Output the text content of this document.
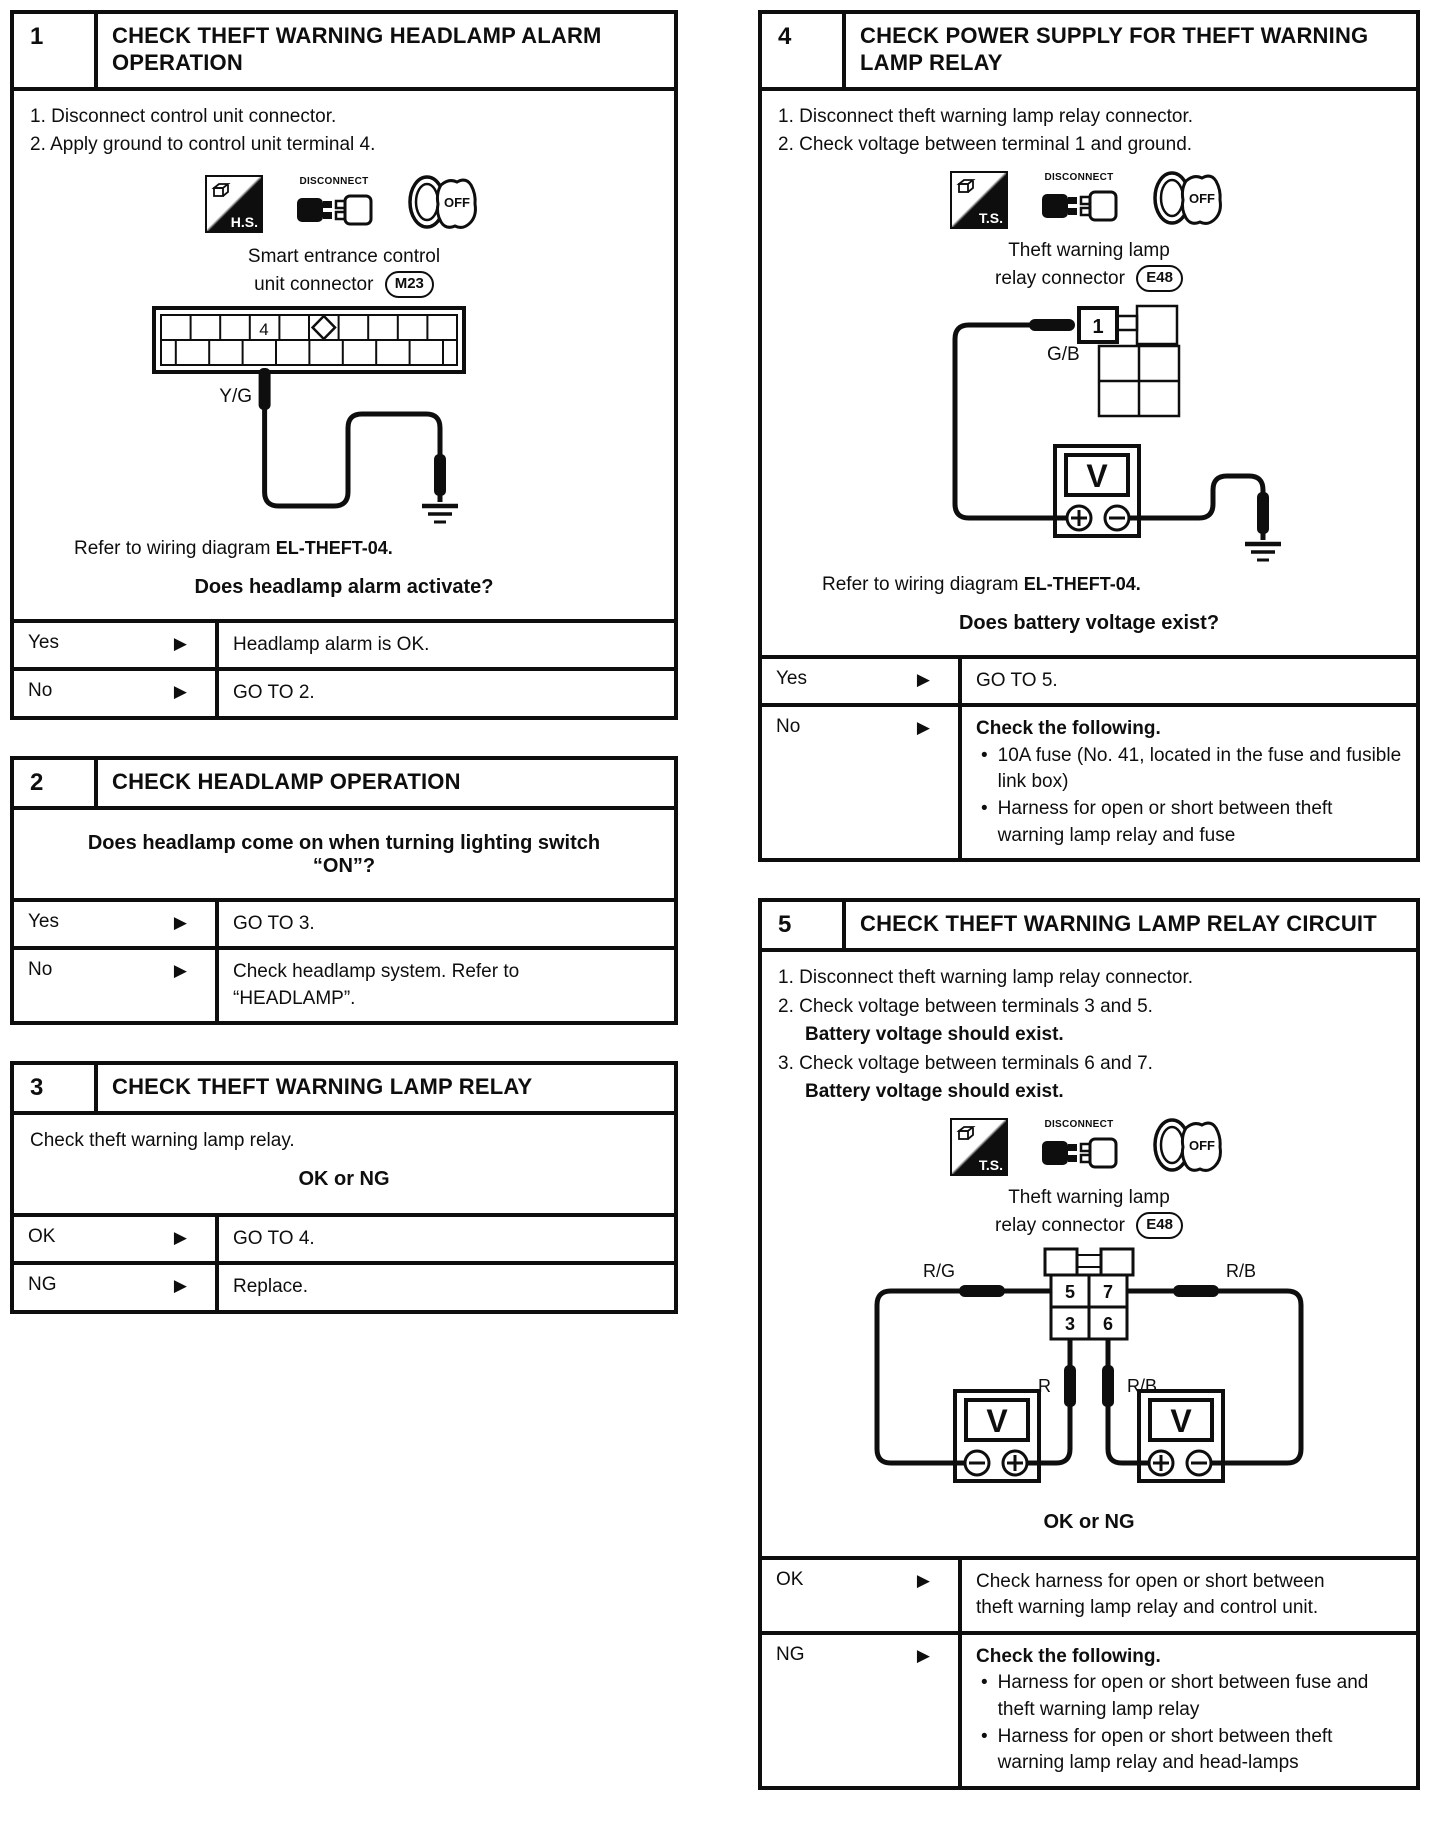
1	CHECK THEFT WARNING HEADLAMP ALARM OPERATION
1. Disconnect control unit connector.
2. Apply ground to control unit terminal 4.
H.S.
DISCONNECT
OFF
Smart entrance control
unit connector M23
4
Y/G
Refer to wiring diagram EL-THEFT-04.
Does headlamp alarm activate?
Yes	▶	Headlamp alarm is OK.
No	▶	GO TO 2.
2	CHECK HEADLAMP OPERATION
Does headlamp come on when turning lighting switch
“ON”?
Yes	▶	GO TO 3.
No	▶	Check headlamp system. Refer to “HEADLAMP”.
3	CHECK THEFT WARNING LAMP RELAY
Check theft warning lamp relay.
OK or NG
OK	▶	GO TO 4.
NG	▶	Replace.
4	CHECK POWER SUPPLY FOR THEFT WARNING LAMP RELAY
1. Disconnect theft warning lamp relay connector.
2. Check voltage between terminal 1 and ground.
T.S.
DISCONNECT
OFF
Theft warning lamp
relay connector E48
1
G/B
V
Refer to wiring diagram EL-THEFT-04.
Does battery voltage exist?
Yes	▶	GO TO 5.
No	▶ Check the following.
• 10A fuse (No. 41, located in the fuse and fusible link box)
• Harness for open or short between theft warning lamp relay and fuse
5	CHECK THEFT WARNING LAMP RELAY CIRCUIT
1. Disconnect theft warning lamp relay connector.
2. Check voltage between terminals 3 and 5.
Battery voltage should exist.
3. Check voltage between terminals 6 and 7.
Battery voltage should exist.
T.S.
DISCONNECT
OFF
Theft warning lamp
relay connector E48
5 7
3 6
R/G	R/B
R	R/B
V	V
OK or NG
OK	▶	Check harness for open or short between theft warning lamp relay and control unit.
NG	▶ Check the following.
• Harness for open or short between fuse and theft warning lamp relay
• Harness for open or short between theft warning lamp relay and head-lamps
